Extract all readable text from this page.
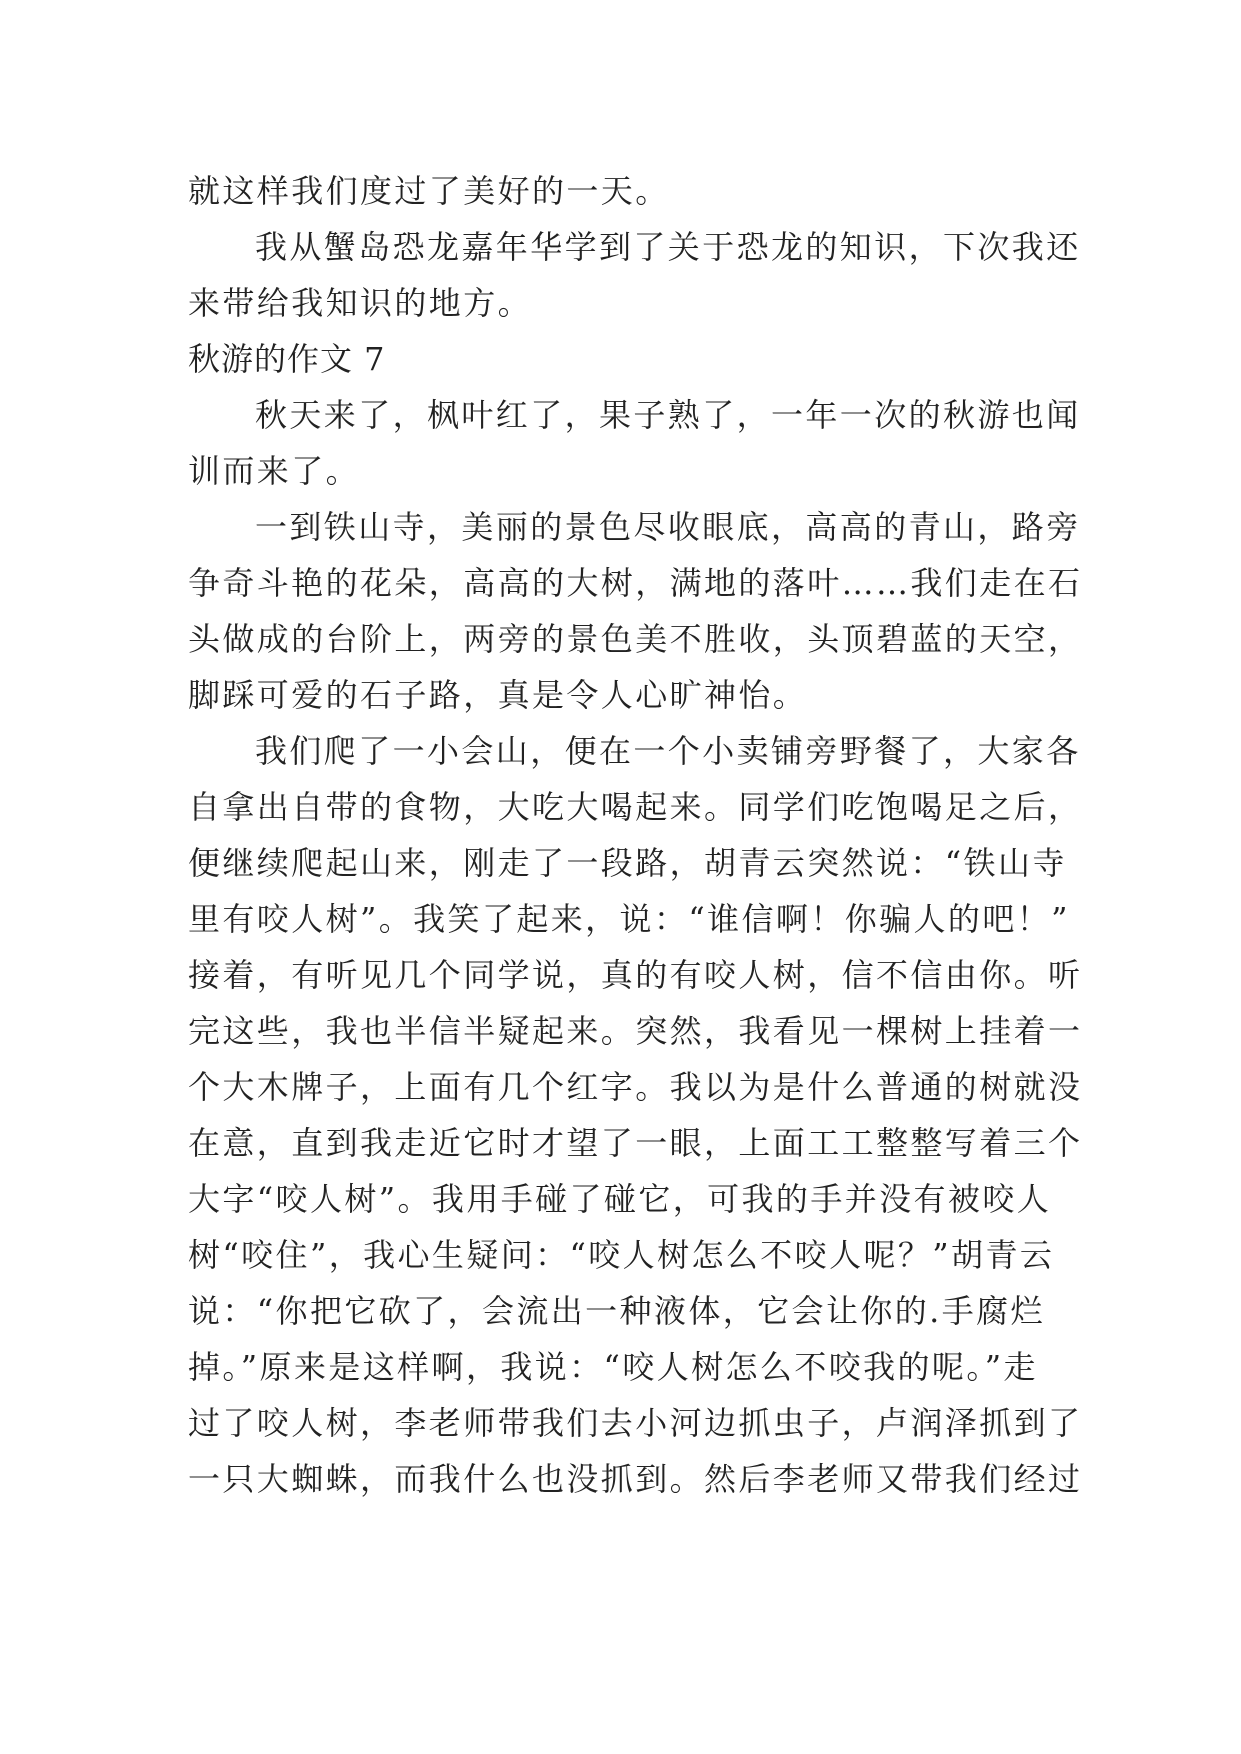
就这样我们度过了美好的一天。
我从蟹岛恐龙嘉年华学到了关于恐龙的知识，下次我还
来带给我知识的地方。
秋游的作文 7
秋天来了，枫叶红了，果子熟了，一年一次的秋游也闻
训而来了。
一到铁山寺，美丽的景色尽收眼底，高高的青山，路旁
争奇斗艳的花朵，高高的大树，满地的落叶……我们走在石
头做成的台阶上，两旁的景色美不胜收，头顶碧蓝的天空，
脚踩可爱的石子路，真是令人心旷神怡。
我们爬了一小会山，便在一个小卖铺旁野餐了，大家各
自拿出自带的食物，大吃大喝起来。同学们吃饱喝足之后，
便继续爬起山来，刚走了一段路，胡青云突然说：“铁山寺
里有咬人树”。我笑了起来，说：“谁信啊！你骗人的吧！”
接着，有听见几个同学说，真的有咬人树，信不信由你。听
完这些，我也半信半疑起来。突然，我看见一棵树上挂着一
个大木牌子，上面有几个红字。我以为是什么普通的树就没
在意，直到我走近它时才望了一眼，上面工工整整写着三个
大字“咬人树”。我用手碰了碰它，可我的手并没有被咬人
树“咬住”，我心生疑问：“咬人树怎么不咬人呢？”胡青云
说：“你把它砍了，会流出一种液体，它会让你的.手腐烂
掉。”原来是这样啊，我说：“咬人树怎么不咬我的呢。”走
过了咬人树，李老师带我们去小河边抓虫子，卢润泽抓到了
一只大蜘蛛，而我什么也没抓到。然后李老师又带我们经过
